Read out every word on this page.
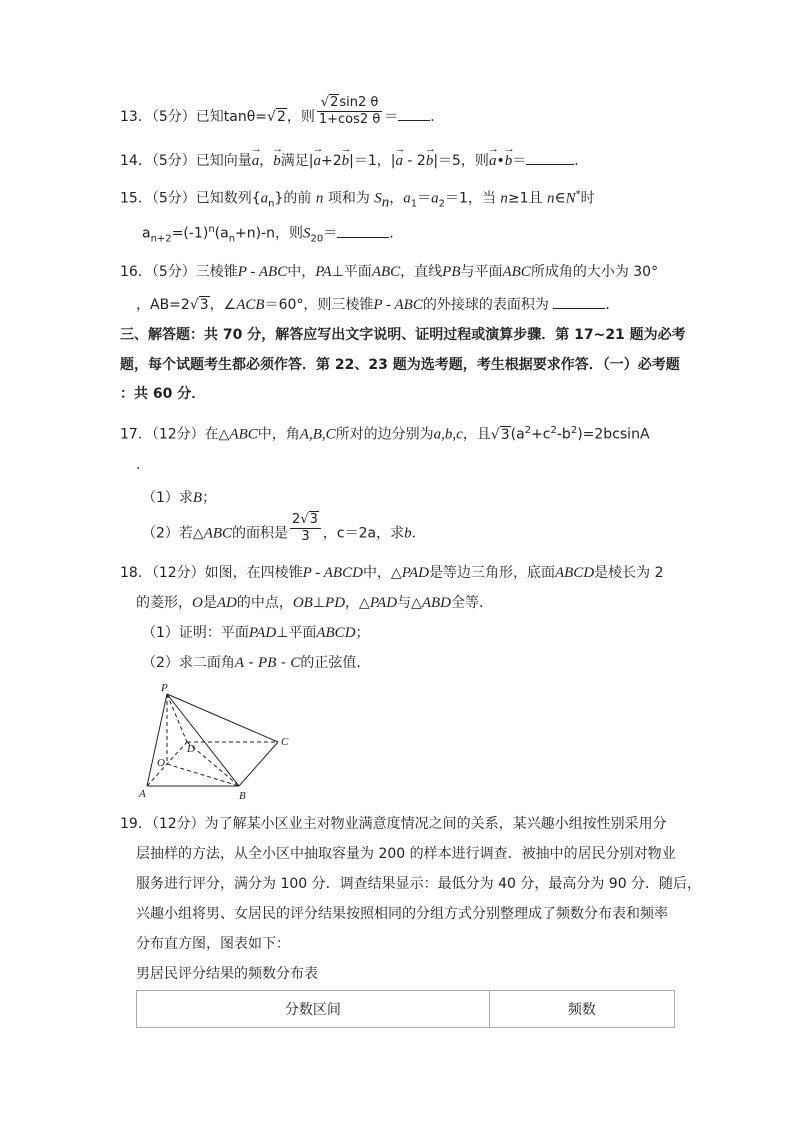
13．（5分）已知tanθ=√2，则 $\frac{√2\sin 2 \theta}{1+\cos 2 \theta}$ ＝ ．
14．（5分）已知向量→ a，→ b满足|→ a+2→ b|＝1，|→ a - 2→ b|＝5，则→ a•→ b＝	．
15．（5分）已知数列$\{a_n\}$的前 n 项和为 $S_n$，$a_1=a_2=1$，当 n≥1且 n∈N*时
$a_{n+2}=(-1)^n(a_n+n)-n$，则$S_{20}=$	．
16．（5分）三棱锥P - ABC中，PA⊥平面ABC，直线PB与平面ABC所成角的大小为 30°
，AB=2√3，∠ACB＝60°，则三棱锥P - ABC的外接球的表面积为	．
三、解答题：共 70 分，解答应写出文字说明、证明过程或演算步骤．第 17~21 题为必考
题，每个试题考生都必须作答．第 22、23 题为选考题，考生根据要求作答．（一）必考题
：共 60 分．
17．（12分）在△ABC中，角A,B,C所对的边分别为a,b,c，且$√3(a^2+c^2-b^2)=2bcsinA$
.
（1）求B；
（2）若△ABC的面积是 $\frac{2√3}{3}$ ，c＝2a，求b．
18．（12分）如图，在四棱锥P - ABCD中，△PAD是等边三角形，底面ABCD是棱长为 2
的菱形，O是AD的中点，OB⊥PD，△PAD与△ABD全等．
（1）证明：平面PAD⊥平面ABCD；
（2）求二面角A - PB - C的正弦值．
P
D
C
O
A	B
19．（12分）为了解某小区业主对物业满意度情况之间的关系，某兴趣小组按性别采用分
层抽样的方法，从全小区中抽取容量为 200 的样本进行调查．被抽中的居民分别对物业
服务进行评分，满分为 100 分．调查结果显示：最低分为 40 分，最高分为 90 分．随后，
兴趣小组将男、女居民的评分结果按照相同的分组方式分别整理成了频数分布表和频率
分布直方图，图表如下：
男居民评分结果的频数分布表
分数区间	频数
